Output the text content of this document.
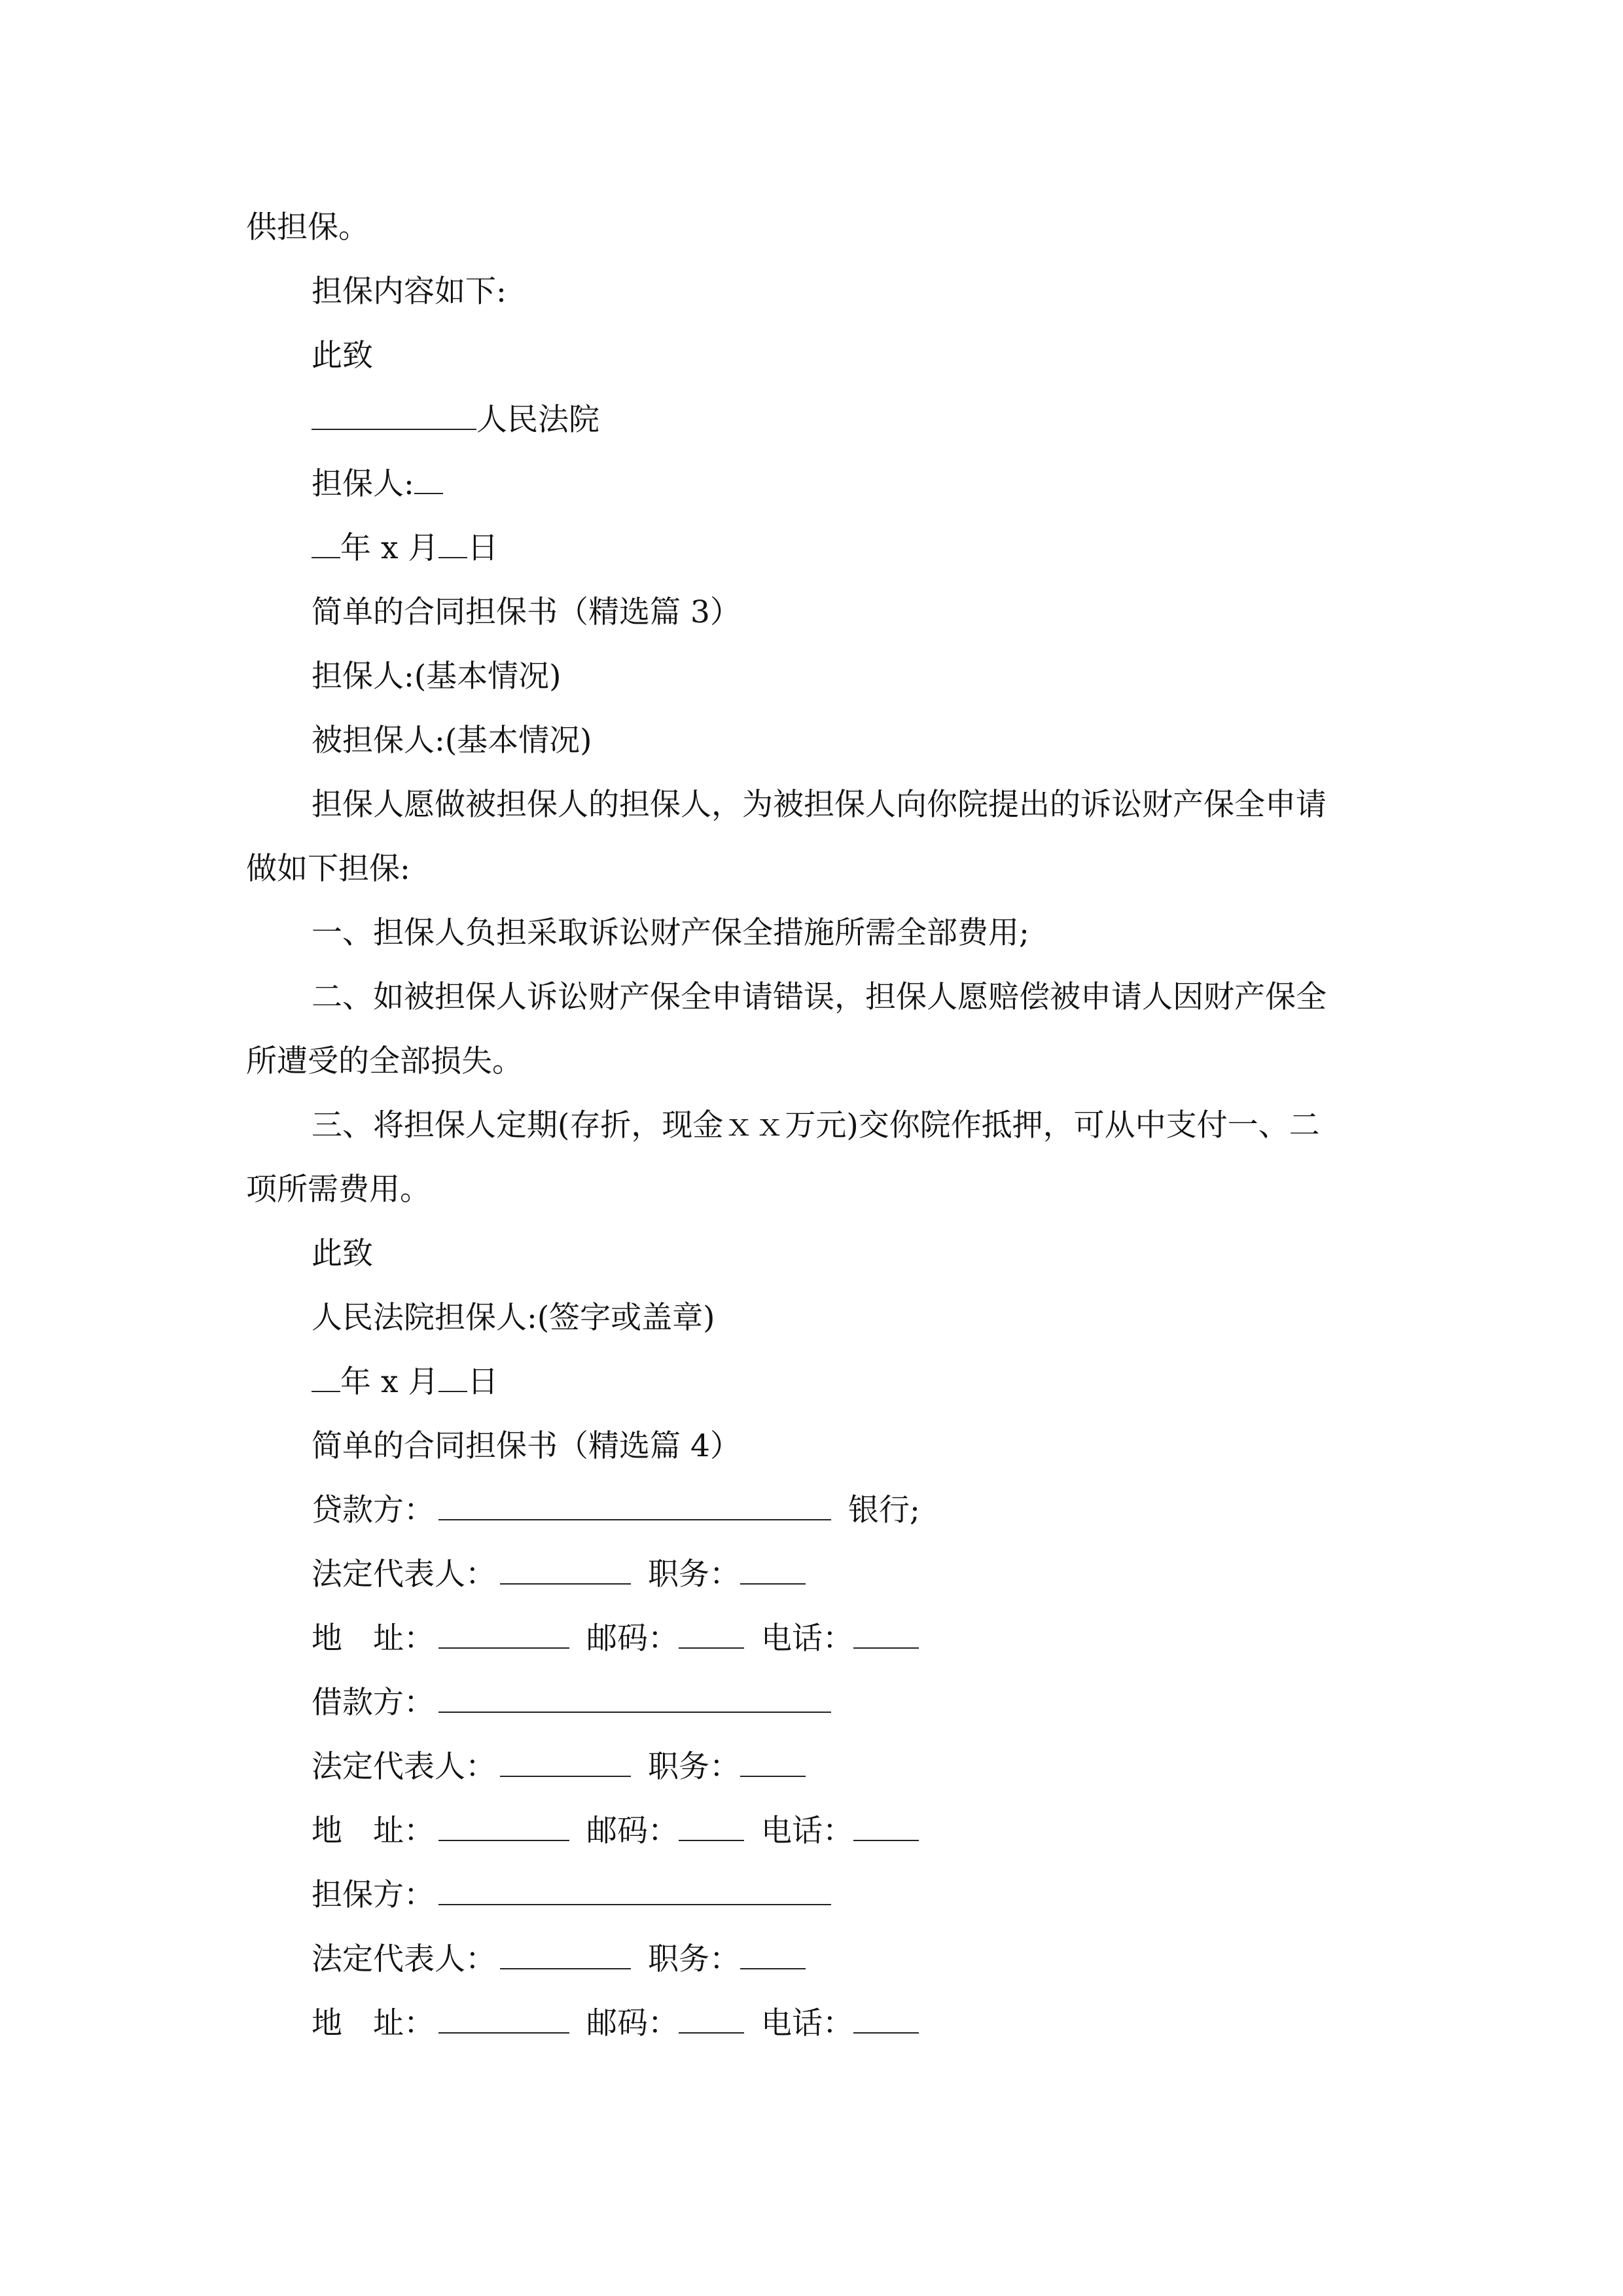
供担保。
担保内容如下:
此致
人民法院
担保人:
年 x 月 日
简单的合同担保书（精选篇 3）
担保人:(基本情况)
被担保人:(基本情况)
担保人愿做被担保人的担保人，为被担保人向你院提出的诉讼财产保全申请
做如下担保:
一、担保人负担采取诉讼财产保全措施所需全部费用;
二、如被担保人诉讼财产保全申请错误，担保人愿赔偿被申请人因财产保全
所遭受的全部损失。
三、将担保人定期(存折，现金ｘｘ万元)交你院作抵押，可从中支付一、二
项所需费用。
此致
人民法院担保人:(签字或盖章)
年 x 月 日
简单的合同担保书（精选篇 4）
贷款方：	银行;
法定代表人：	职务：
地　址：	邮码：	电话：
借款方：
法定代表人：	职务：
地　址：	邮码：	电话：
担保方：
法定代表人：	职务：
地　址：	邮码：	电话：
